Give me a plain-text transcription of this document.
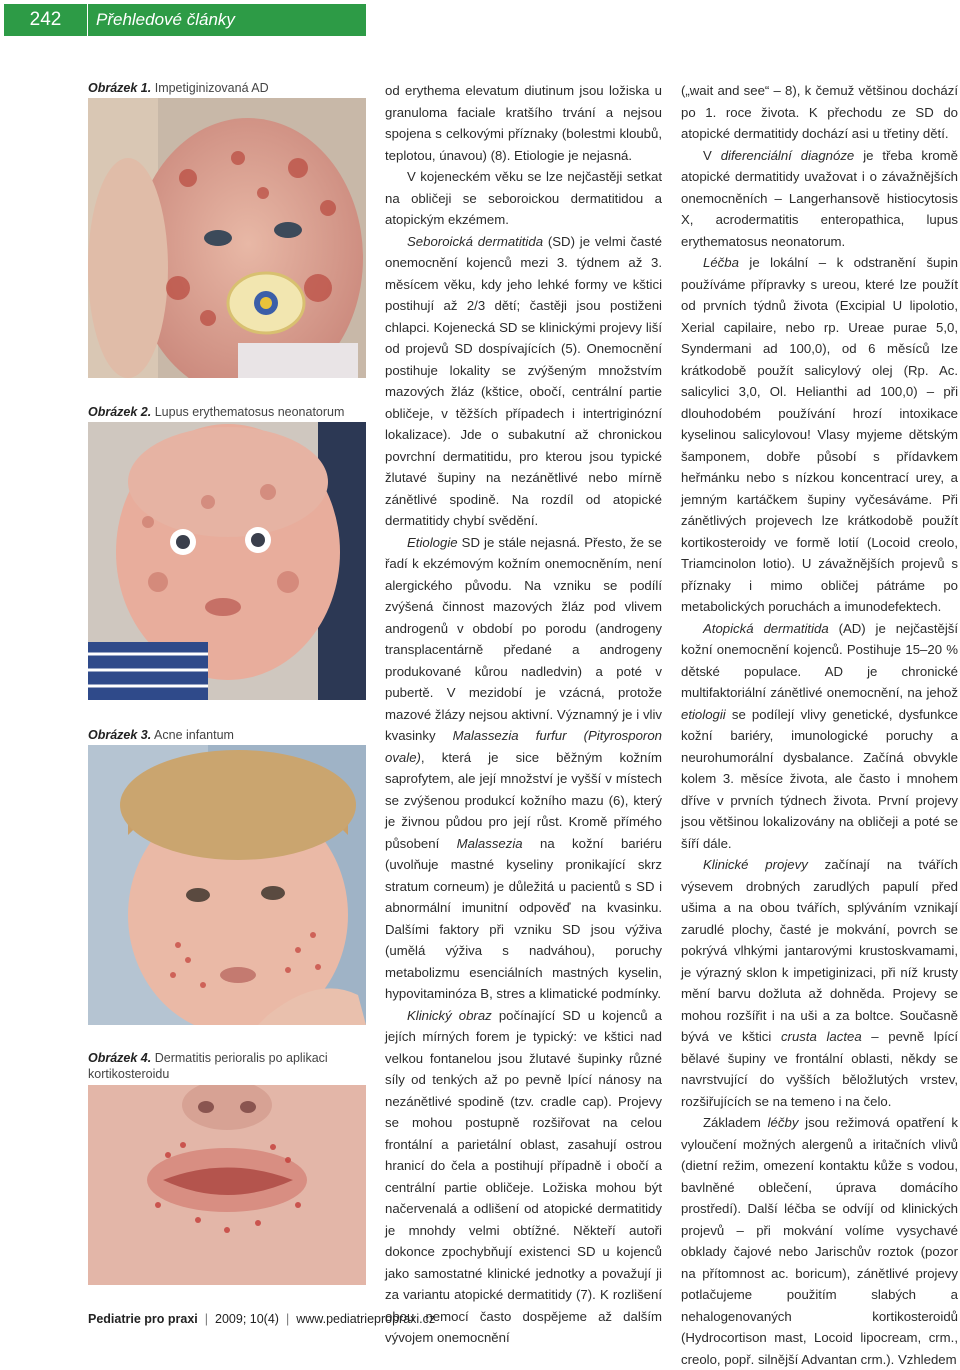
242	Přehledové články
Obrázek 1. Impetiginizovaná AD
Obrázek 2. Lupus erythematosus neonatorum
Obrázek 3. Acne infantum
Obrázek 4. Dermatitis perioralis po aplikaci kortikosteroidu

od erythema elevatum diutinum jsou ložiska u granuloma faciale kratšího trvání a nejsou spojena s celkovými příznaky (bolestmi kloubů, teplotou, únavou) (8). Etiologie je nejasná.

V kojeneckém věku se lze nejčastěji setkat na obličeji se seboroickou dermatitidou a atopickým ekzémem.

Seboroická dermatitida (SD) je velmi časté onemocnění kojenců mezi 3. týdnem až 3. měsícem věku, kdy jeho lehké formy ve kštici postihují až 2/3 dětí; častěji jsou postiženi chlapci. Kojenecká SD se klinickými projevy liší od projevů SD dospívajících (5). Onemocnění postihuje lokality se zvýšeným množstvím mazových žláz (kštice, obočí, centrální partie obličeje, v těžších případech i intertriginózní lokalizace). Jde o subakutní až chronickou povrchní dermatitidu, pro kterou jsou typické žlutavé šupiny na nezánětlivé nebo mírně zánětlivé spodině. Na rozdíl od atopické dermatitidy chybí svědění.

Etiologie SD je stále nejasná. Přesto, že se řadí k ekzémovým kožním onemocněním, není alergického původu. Na vzniku se podílí zvýšená činnost mazových žláz pod vlivem androgenů v období po porodu (androgeny transplacentárně předané a androgeny produkované kůrou nadledvin) a poté v pubertě. V mezidobí je vzácná, protože mazové žlázy nejsou aktivní. Významný je i vliv kvasinky Malassezia furfur (Pityrosporon ovale), která je sice běžným kožním saprofytem, ale její množství je vyšší v místech se zvýšenou produkcí kožního mazu (6), který je živnou půdou pro její růst. Kromě přímého působení Malassezia na kožní bariéru (uvolňuje mastné kyseliny pronikající skrz stratum corneum) je důležitá u pacientů s SD i abnormální imunitní odpověď na kvasinku. Dalšími faktory při vzniku SD jsou výživa (umělá výživa s nadváhou), poruchy metabolizmu esenciálních mastných kyselin, hypovitaminóza B, stres a klimatické podmínky.

Klinický obraz počínající SD u kojenců a jejích mírných forem je typický: ve kštici nad velkou fontanelou jsou žlutavé šupinky různé síly od tenkých až po pevně lpící nánosy na nezánětlivé spodině (tzv. cradle cap). Projevy se mohou postupně rozšiřovat na celou frontální a parietální oblast, zasahují ostrou hranicí do čela a postihují případně i obočí a centrální partie obličeje. Ložiska mohou být načervenalá a odlišení od atopické dermatitidy je mnohdy velmi obtížné. Někteří autoři dokonce zpochybňují existenci SD u kojenců jako samostatné klinické jednotky a považují ji za variantu atopické dermatitidy (7). K rozlišení obou nemocí často dospějeme až dalším vývojem onemocnění

(„wait and see“ – 8), k čemuž většinou dochází po 1. roce života. K přechodu ze SD do atopické dermatitidy dochází asi u třetiny dětí.

V diferenciální diagnóze je třeba kromě atopické dermatitidy uvažovat i o závažnějších onemocněních – Langerhansově histiocytosis X, acrodermatitis enteropathica, lupus erythematosus neonatorum.

Léčba je lokální – k odstranění šupin používáme přípravky s ureou, které lze použít od prvních týdnů života (Excipial U lipolotio, Xerial capilaire, nebo rp. Ureae purae 5,0, Syndermani ad 100,0), od 6 měsíců lze krátkodobě použít salicylový olej (Rp. Ac. salicylici 3,0, Ol. Helianthi ad 100,0) – při dlouhodobém používání hrozí intoxikace kyselinou salicylovou! Vlasy myjeme dětským šamponem, dobře působí s přídavkem heřmánku nebo s nízkou koncentrací urey, a jemným kartáčkem šupiny vyčesáváme. Při zánětlivých projevech lze krátkodobě použít kortikosteroidy ve formě lotií (Locoid creolo, Triamcinolon lotio). U závažnějších projevů s příznaky i mimo obličej pátráme po metabolických poruchách a imunodefektech.

Atopická dermatitida (AD) je nejčastější kožní onemocnění kojenců. Postihuje 15–20 % dětské populace. AD je chronické multifaktoriální zánětlivé onemocnění, na jehož etiologii se podílejí vlivy genetické, dysfunkce kožní bariéry, imunologické poruchy a neurohumorální dysbalance. Začíná obvykle kolem 3. měsíce života, ale často i mnohem dříve v prvních týdnech života. První projevy jsou většinou lokalizovány na obličeji a poté se šíří dále.

Klinické projevy začínají na tvářích výsevem drobných zarudlých papulí před ušima a na obou tvářích, splýváním vznikají zarudlé plochy, časté je mokvání, povrch se pokrývá vlhkými jantarovými krustoskvamami, je výrazný sklon k impetiginizaci, při níž krusty mění barvu dožluta až dohněda. Projevy se mohou rozšířit i na uši a za boltce. Současně bývá ve kštici crusta lactea – pevně lpící bělavé šupiny ve frontální oblasti, někdy se navrstvující do vyšších běložlutých vrstev, rozšiřujících se na temeno i na čelo.

Základem léčby jsou režimová opatření k vyloučení možných alergenů a iritačních vlivů (dietní režim, omezení kontaktu kůže s vodou, bavlněné oblečení, úprava domácího prostředí). Další léčba se odvíjí od klinických projevů – při mokvání volíme vysychavé obklady čajové nebo Jarischův roztok (pozor na přítomnost ac. boricum), zánětlivé projevy potlačujeme použitím slabých a nehalogenovaných kortikosteroidů (Hydrocortison mast, Locoid lipocream, crm., creolo, popř. silnější Advantan crm.). Vzhledem

Pediatrie pro praxi | 2009; 10(4) | www.pediatriepropraxi.cz
